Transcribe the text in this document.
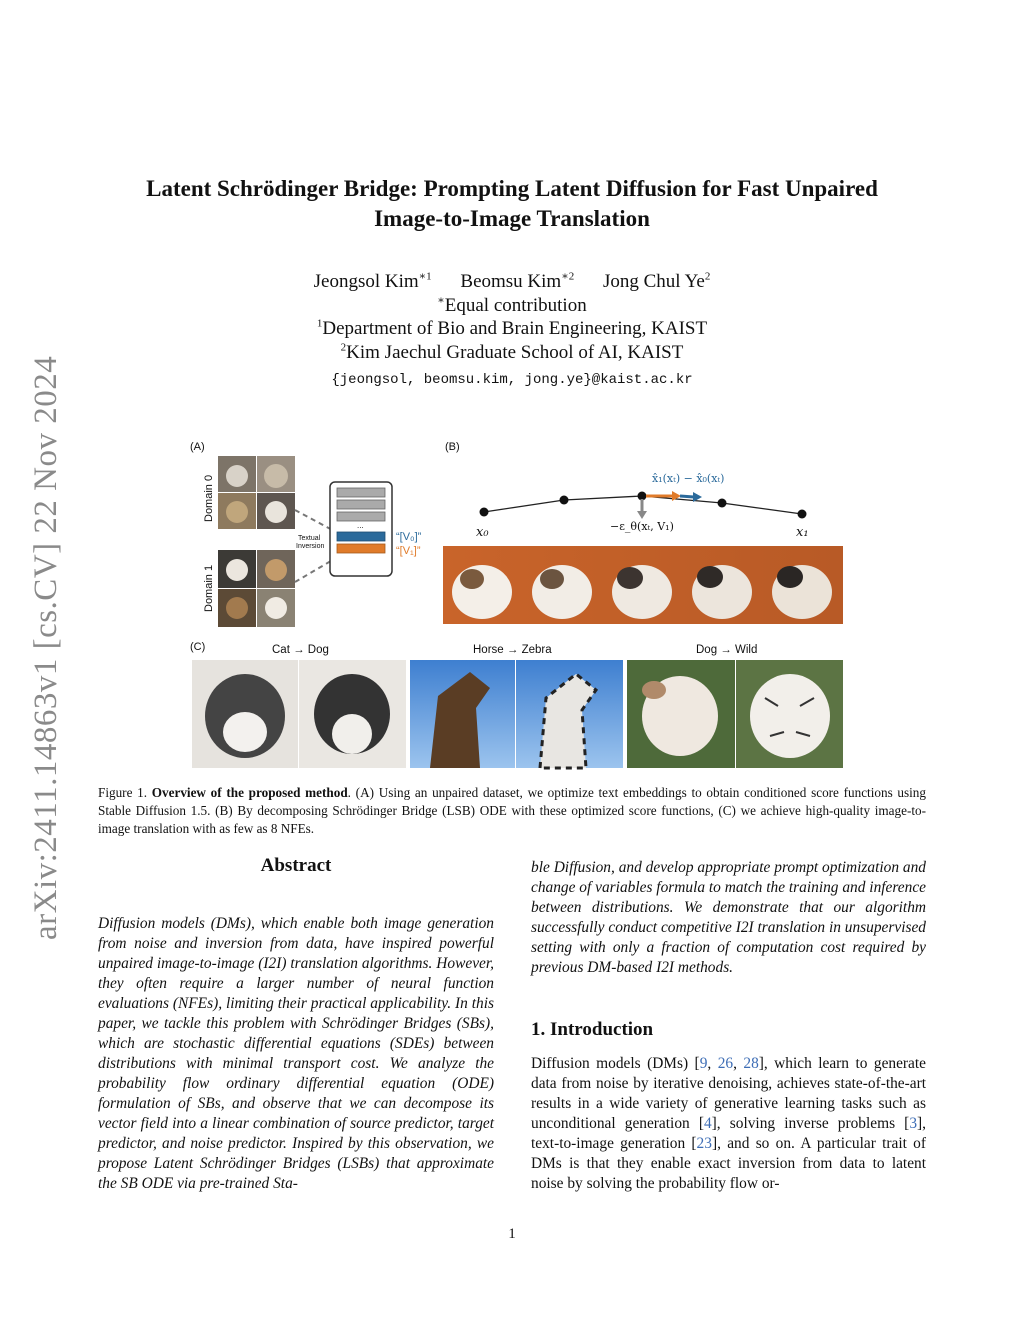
arXiv:2411.14863v1 [cs.CV] 22 Nov 2024
Latent Schrödinger Bridge: Prompting Latent Diffusion for Fast Unpaired
Image-to-Image Translation
Jeongsol Kim$^{∗1}$ Beomsu Kim$^{∗2}$ Jong Chul Ye$^2$
∗Equal contribution
$^1$Department of Bio and Brain Engineering, KAIST
$^2$Kim Jaechul Graduate School of AI, KAIST
{jeongsol, beomsu.kim, jong.ye}@kaist.ac.kr
(A)
Domain 0
Domain 1
Textual
Inversion
...
“[V₀]”
“[V₁]”
(B)
x̂₁(xₜ) − x̂₀(xₜ)
−ε_θ(xₜ, V₁)
x₀	x₁
(C)	Cat → Dog	Horse → Zebra	Dog → Wild
Figure 1. Overview of the proposed method. (A) Using an unpaired dataset, we optimize text embeddings to obtain conditioned score functions using Stable Diffusion 1.5. (B) By decomposing Schrödinger Bridge (LSB) ODE with these optimized score functions, (C) we achieve high-quality image-to-image translation with as few as 8 NFEs.
Abstract
Diffusion models (DMs), which enable both image generation from noise and inversion from data, have inspired powerful unpaired image-to-image (I2I) translation algorithms. However, they often require a larger number of neural function evaluations (NFEs), limiting their practical applicability. In this paper, we tackle this problem with Schrödinger Bridges (SBs), which are stochastic differential equations (SDEs) between distributions with minimal transport cost. We analyze the probability flow ordinary differential equation (ODE) formulation of SBs, and observe that we can decompose its vector field into a linear combination of source predictor, target predictor, and noise predictor. Inspired by this observation, we propose Latent Schrödinger Bridges (LSBs) that approximate the SB ODE via pre-trained Sta-
ble Diffusion, and develop appropriate prompt optimization and change of variables formula to match the training and inference between distributions. We demonstrate that our algorithm successfully conduct competitive I2I translation in unsupervised setting with only a fraction of computation cost required by previous DM-based I2I methods.
1. Introduction
Diffusion models (DMs) [9, 26, 28], which learn to generate data from noise by iterative denoising, achieves state-of-the-art results in a wide variety of generative learning tasks such as unconditional generation [4], solving inverse problems [3], text-to-image generation [23], and so on. A particular trait of DMs is that they enable exact inversion from data to latent noise by solving the probability flow or-
1
